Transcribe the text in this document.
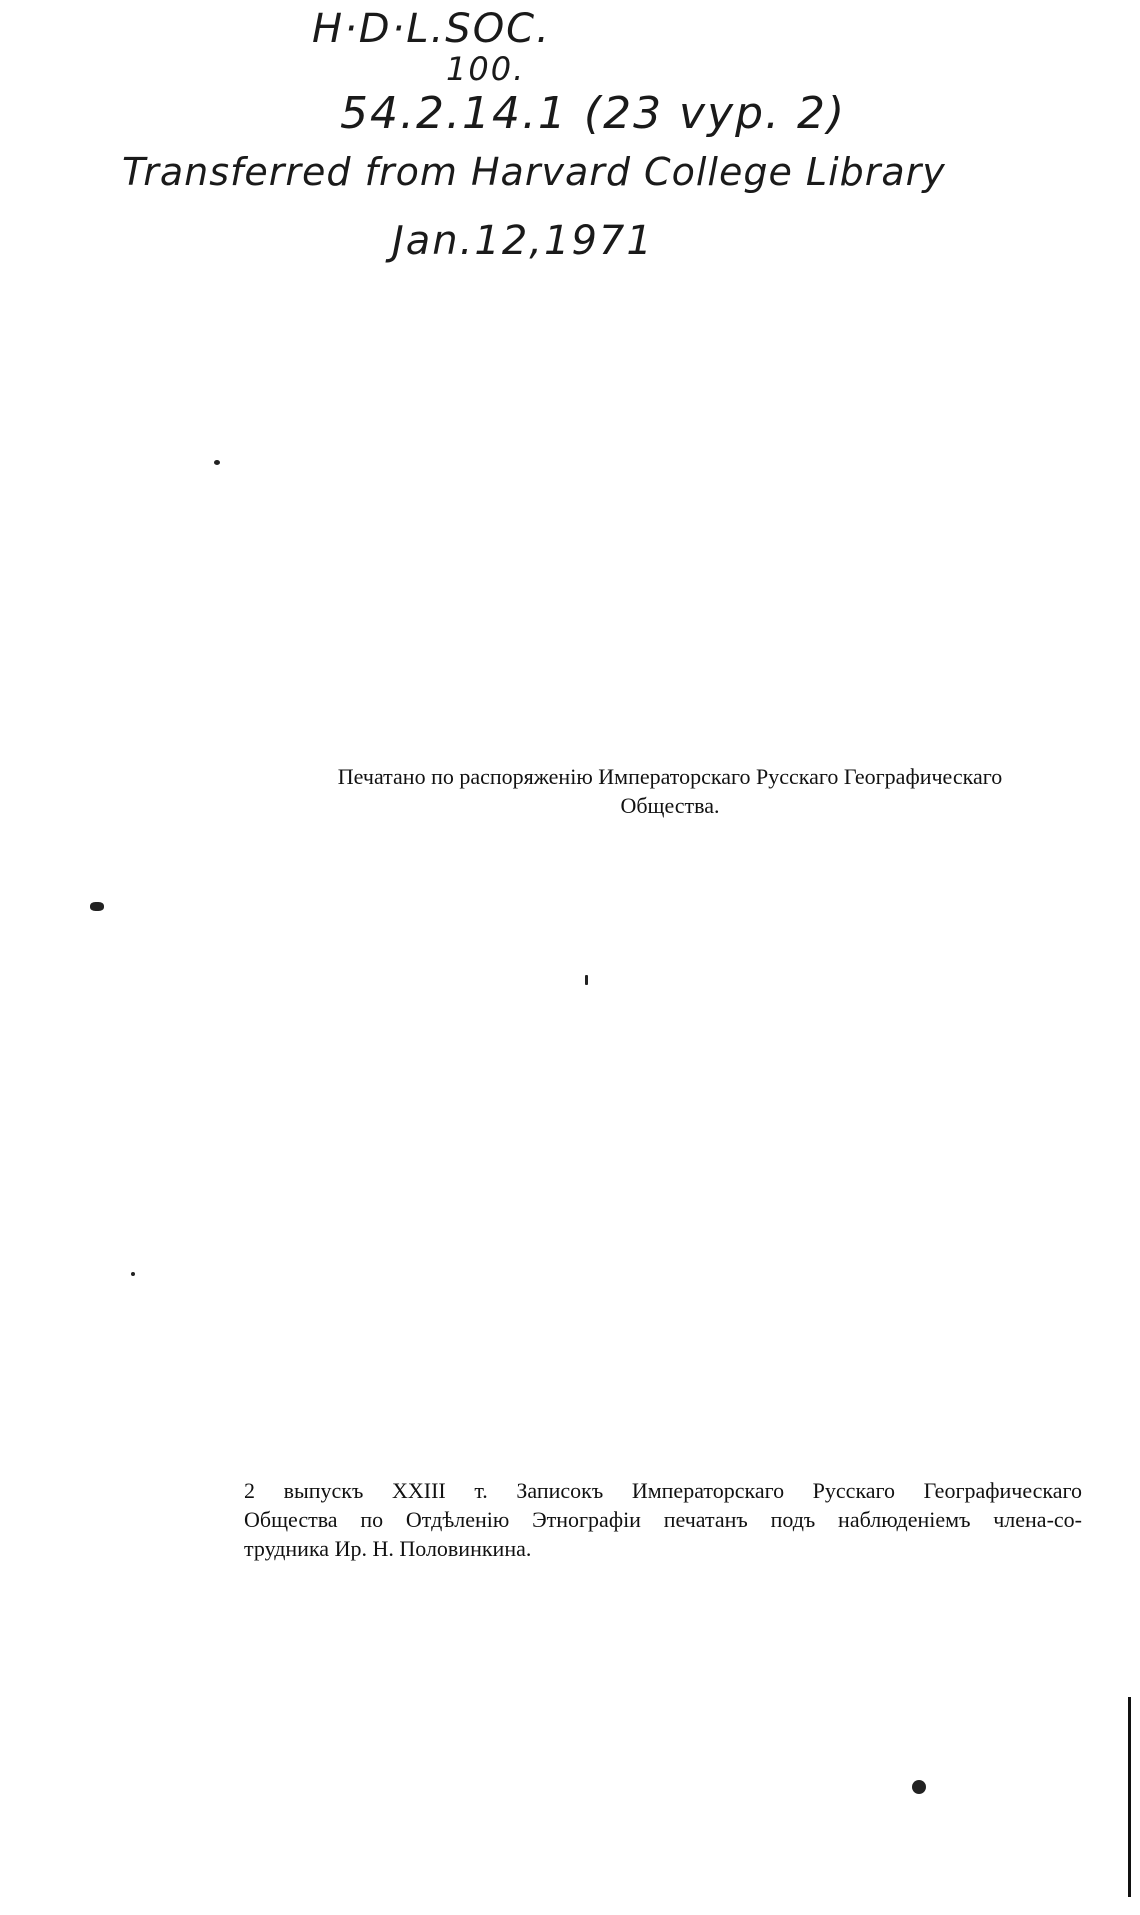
H·D·L.SOC.
100.
54.2.14.1 (23 vyp. 2)
Transferred from Harvard College Library
Jan.12,1971
Печатано по распоряженію Императорскаго Русскаго Географическаго
Общества.
2 выпускъ XXIII т. Записокъ Императорскаго Русскаго Географическаго
Общества по Отдѣленію Этнографіи печатанъ подъ наблюденіемъ члена-со-
трудника Ир. Н. Половинкина.
